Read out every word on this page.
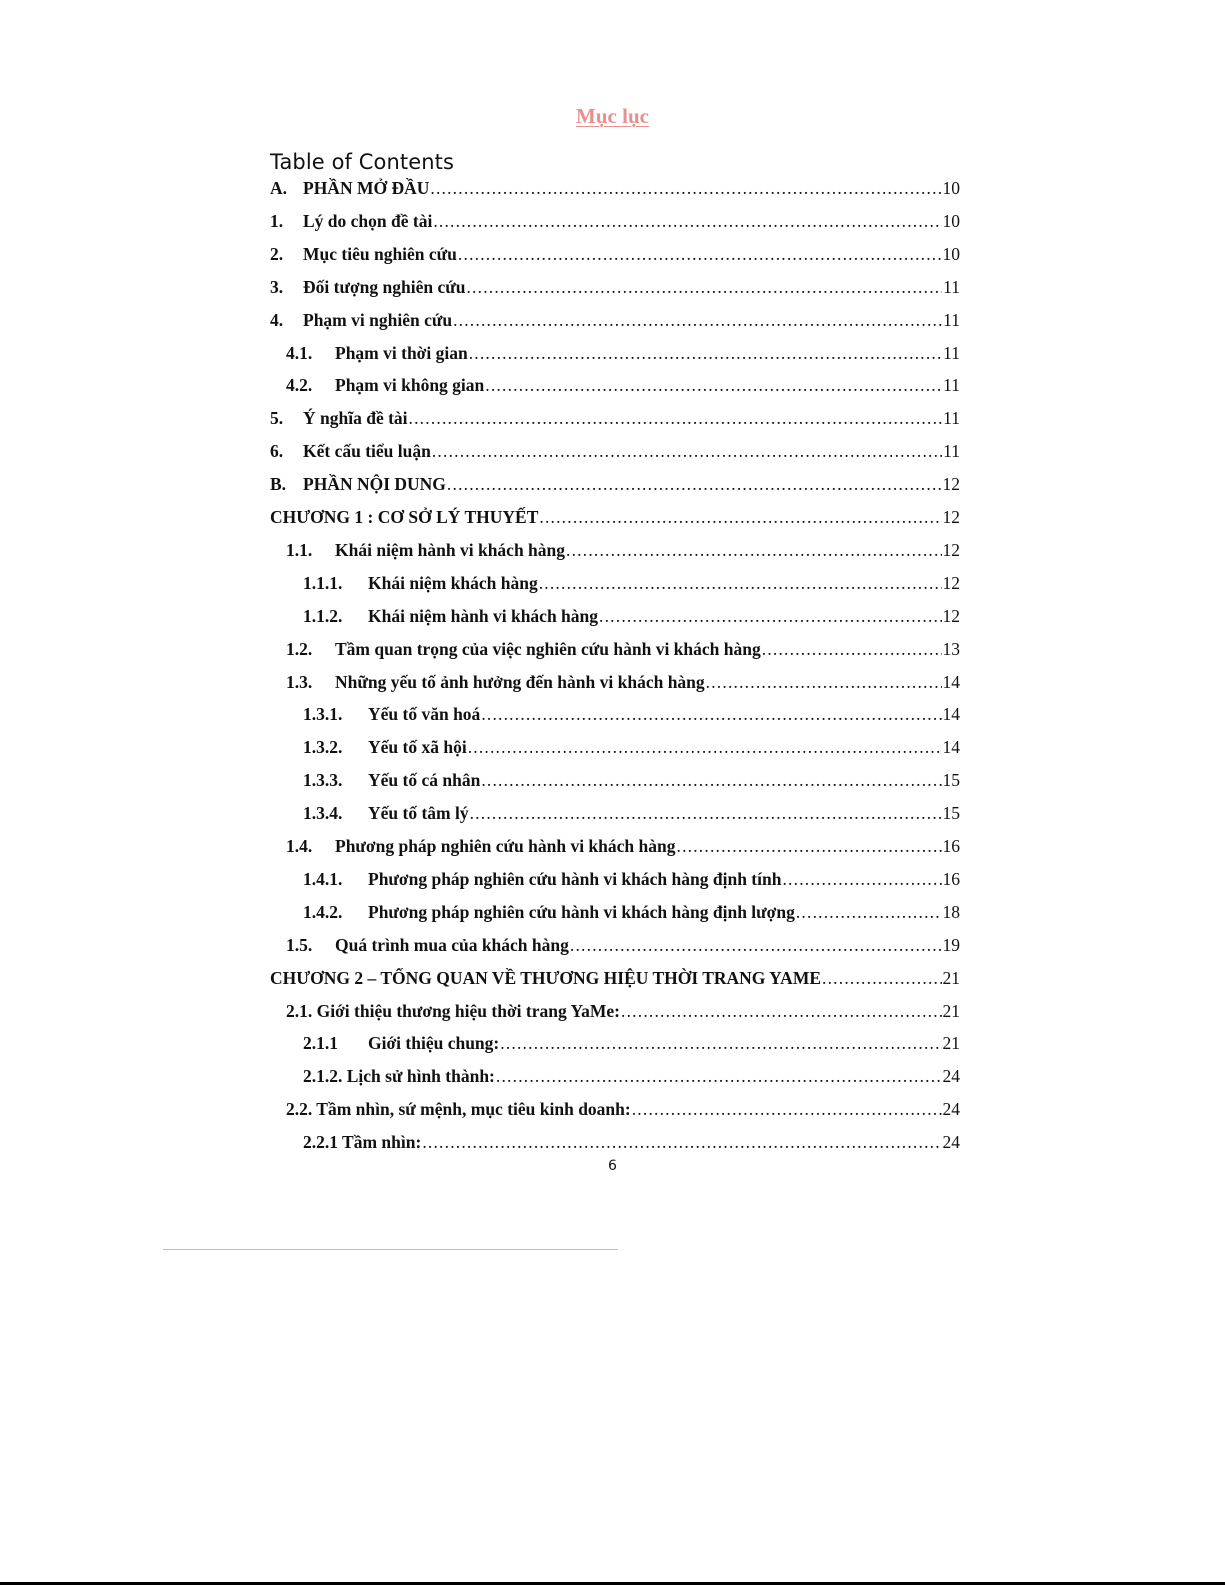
Mục lục
Table of Contents
A. PHẦN MỞ ĐẦU .....	10
1.	Lý do chọn đề tài .....	10
2.	Mục tiêu nghiên cứu .....	10
3.	Đối tượng nghiên cứu .....	11
4.	Phạm vi nghiên cứu .....	11
4.1.	Phạm vi thời gian .....	11
4.2.	Phạm vi không gian .....	11
5.	Ý nghĩa đề tài .....	11
6.	Kết cấu tiểu luận .....	11
B. PHẦN NỘI DUNG .....	12
CHƯƠNG 1 : CƠ SỞ LÝ THUYẾT .....	12
1.1.	Khái niệm hành vi khách hàng .....	12
1.1.1.	Khái niệm khách hàng .....	12
1.1.2.	Khái niệm hành vi khách hàng .....	12
1.2.	Tầm quan trọng của việc nghiên cứu hành vi khách hàng .....	13
1.3.	Những yếu tố ảnh hưởng đến hành vi khách hàng .....	14
1.3.1.	Yếu tố văn hoá .....	14
1.3.2.	Yếu tố xã hội .....	14
1.3.3.	Yếu tố cá nhân .....	15
1.3.4.	Yếu tố tâm lý .....	15
1.4.	Phương pháp nghiên cứu hành vi khách hàng .....	16
1.4.1.	Phương pháp nghiên cứu hành vi khách hàng định tính .....	16
1.4.2.	Phương pháp nghiên cứu hành vi khách hàng định lượng .....	18
1.5.	Quá trình mua của khách hàng .....	19
CHƯƠNG 2 – TỔNG QUAN VỀ THƯƠNG HIỆU THỜI TRANG YAME .....	21
2.1. Giới thiệu thương hiệu thời trang YaMe: .....	21
2.1.1	Giới thiệu chung: .....	21
2.1.2. Lịch sử hình thành: .....	24
2.2. Tầm nhìn, sứ mệnh, mục tiêu kinh doanh: .....	24
2.2.1 Tầm nhìn: .....	24
6
